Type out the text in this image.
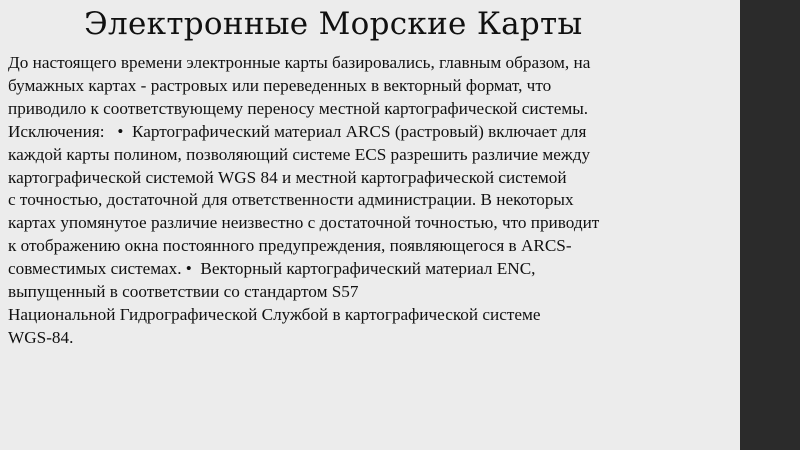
Электронные Морские Карты
До настоящего времени электронные карты базировались, главным образом, на
бумажных картах - растровых или переведенных в векторный формат, что
приводило к соответствующему переносу местной картографической системы.
Исключения:   •  Картографический материал ARCS (растровый) включает для
каждой карты полином, позволяющий системе ECS разрешить различие между
картографической системой WGS 84 и местной картографической системой
с точностью, достаточной для ответственности администрации. В некоторых
картах упомянутое различие неизвестно с достаточной точностью, что приводит
к отображению окна постоянного предупреждения, появляющегося в ARCS-
совместимых системах. •  Векторный картографический материал ENC,
выпущенный в соответствии со стандартом S57
Национальной Гидрографической Службой в картографической системе
WGS-84.
